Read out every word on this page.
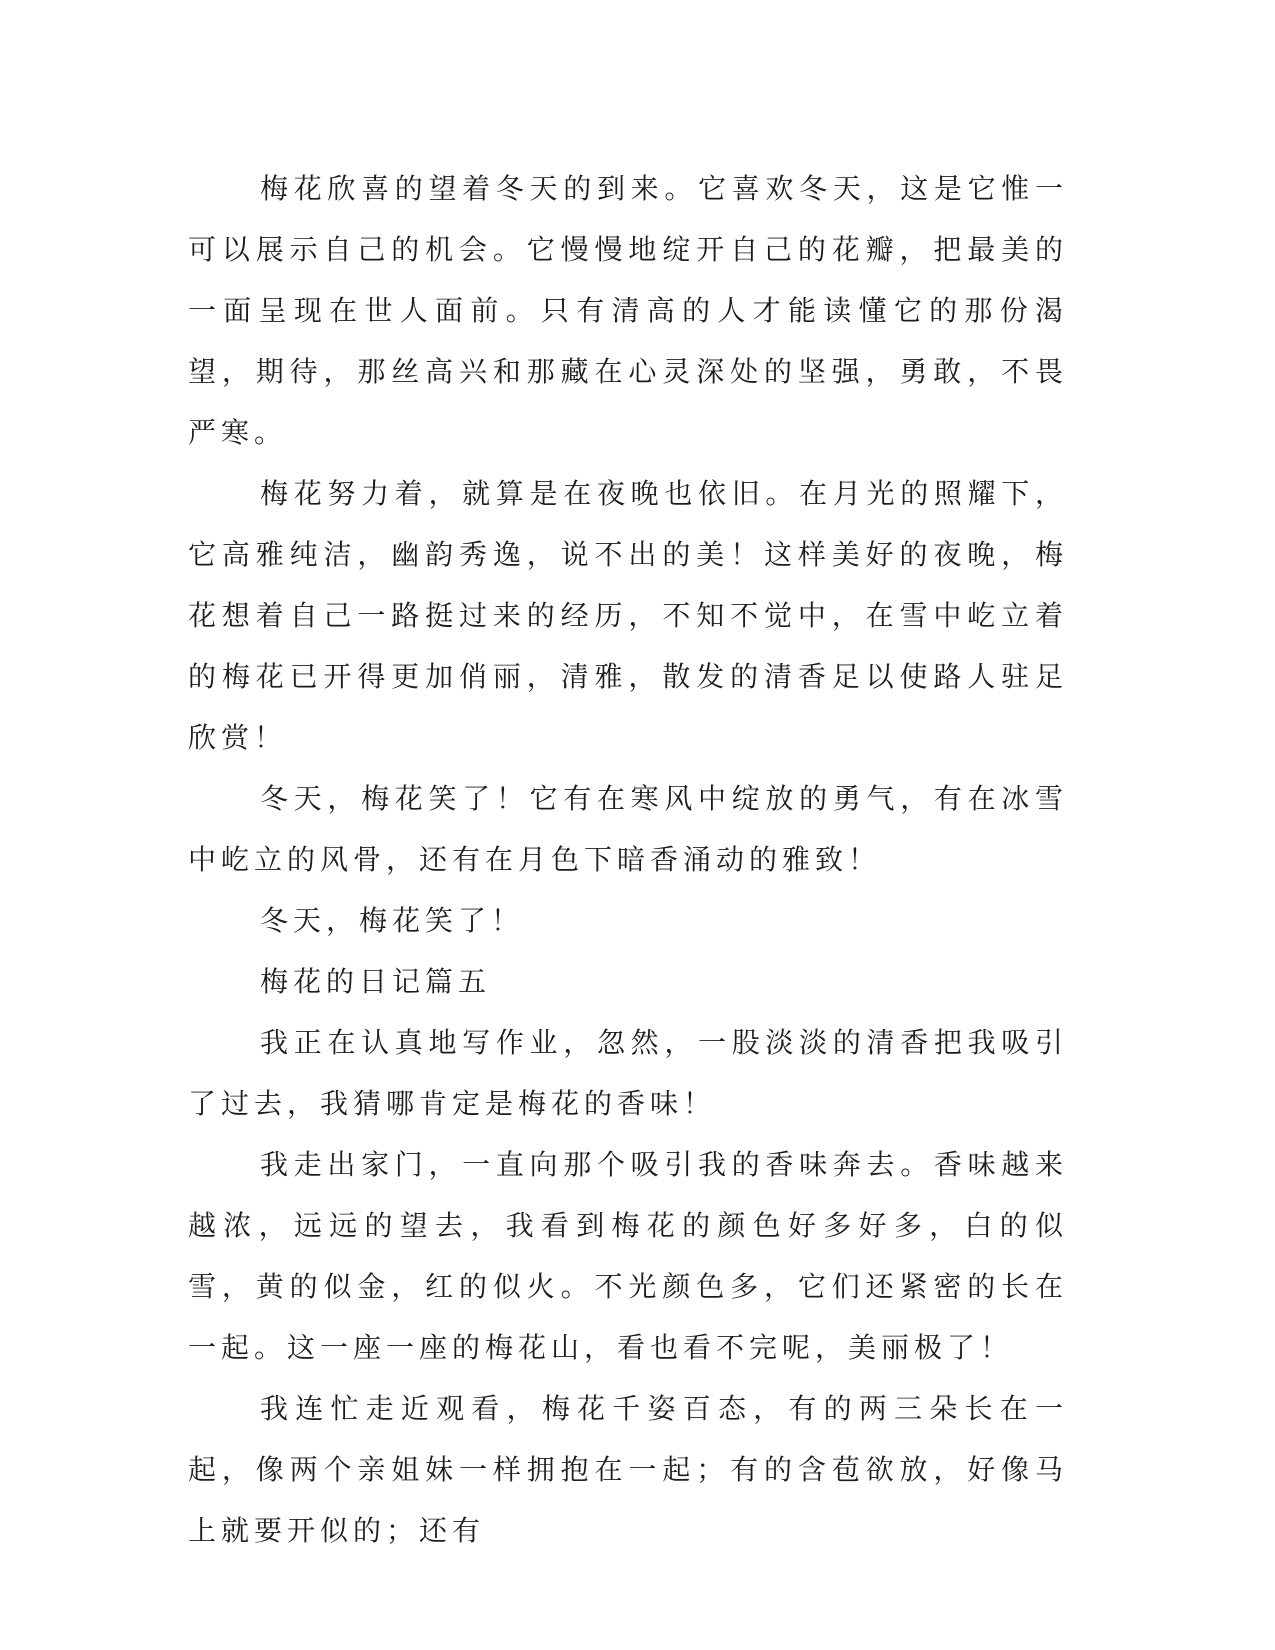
梅花欣喜的望着冬天的到来。它喜欢冬天，这是它惟一可以展示自己的机会。它慢慢地绽开自己的花瓣，把最美的一面呈现在世人面前。只有清高的人才能读懂它的那份渴望，期待，那丝高兴和那藏在心灵深处的坚强，勇敢，不畏严寒。

梅花努力着，就算是在夜晚也依旧。在月光的照耀下，它高雅纯洁，幽韵秀逸，说不出的美！这样美好的夜晚，梅花想着自己一路挺过来的经历，不知不觉中，在雪中屹立着的梅花已开得更加俏丽，清雅，散发的清香足以使路人驻足欣赏！

冬天，梅花笑了！它有在寒风中绽放的勇气，有在冰雪中屹立的风骨，还有在月色下暗香涌动的雅致！

冬天，梅花笑了！

梅花的日记篇五

我正在认真地写作业，忽然，一股淡淡的清香把我吸引了过去，我猜哪肯定是梅花的香味！

我走出家门，一直向那个吸引我的香味奔去。香味越来越浓，远远的望去，我看到梅花的颜色好多好多，白的似雪，黄的似金，红的似火。不光颜色多，它们还紧密的长在一起。这一座一座的梅花山，看也看不完呢，美丽极了！

我连忙走近观看，梅花千姿百态，有的两三朵长在一起，像两个亲姐妹一样拥抱在一起；有的含苞欲放，好像马上就要开似的；还有
